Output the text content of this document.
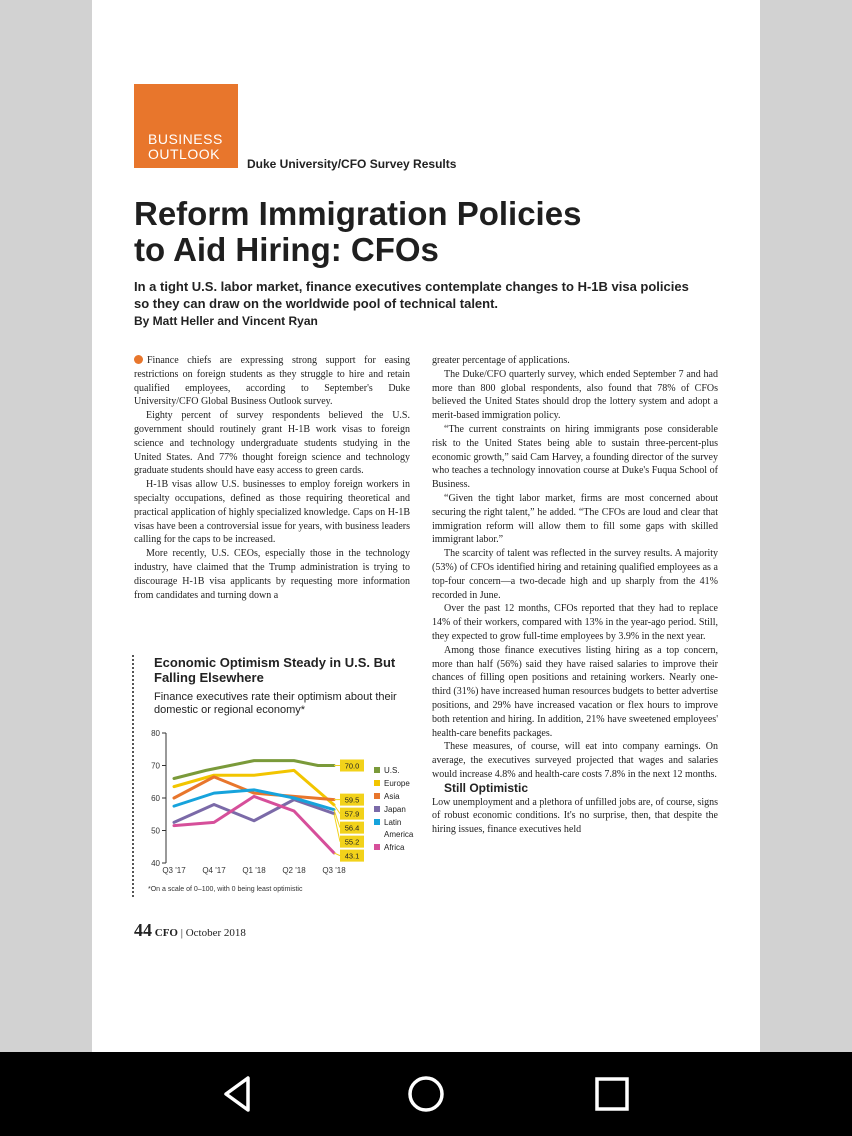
BUSINESS
OUTLOOK
Duke University/CFO Survey Results
Reform Immigration Policies
to Aid Hiring: CFOs

In a tight U.S. labor market, finance executives contemplate changes to H-1B visa policies so they can draw on the worldwide pool of technical talent.

By Matt Heller and Vincent Ryan

Finance chiefs are expressing strong support for easing restrictions on foreign students as they struggle to hire and retain qualified employees, according to September's Duke University/CFO Global Business Outlook survey.

Eighty percent of survey respondents believed the U.S. government should routinely grant H-1B work visas to foreign science and technology undergraduate students studying in the United States. And 77% thought foreign science and technology graduate students should have easy access to green cards.

H-1B visas allow U.S. businesses to employ foreign workers in specialty occupations, defined as those requiring theoretical and practical application of highly specialized knowledge. Caps on H-1B visas have been a controversial issue for years, with business leaders calling for the caps to be increased.

More recently, U.S. CEOs, especially those in the technology industry, have claimed that the Trump administration is trying to discourage H-1B visa applicants by requesting more information from candidates and turning down a

greater percentage of applications.

The Duke/CFO quarterly survey, which ended September 7 and had more than 800 global respondents, also found that 78% of CFOs believed the United States should drop the lottery system and adopt a merit-based immigration policy.

“The current constraints on hiring immigrants pose considerable risk to the United States being able to sustain three-percent-plus economic growth,” said Cam Harvey, a founding director of the survey who teaches a technology innovation course at Duke's Fuqua School of Business.

“Given the tight labor market, firms are most concerned about securing the right talent,” he added. “The CFOs are loud and clear that immigration reform will allow them to fill some gaps with skilled immigrant labor.”

The scarcity of talent was reflected in the survey results. A majority (53%) of CFOs identified hiring and retaining qualified employees as a top-four concern—a two-decade high and up sharply from the 41% recorded in June.

Over the past 12 months, CFOs reported that they had to replace 14% of their workers, compared with 13% in the year-ago period. Still, they expected to grow full-time employees by 3.9% in the next year.

Among those finance executives listing hiring as a top concern, more than half (56%) said they have raised salaries to improve their chances of filling open positions and retaining workers. Nearly one-third (31%) have increased human resources budgets to better advertise positions, and 29% have increased vacation or flex hours to improve both retention and hiring. In addition, 21% have sweetened employees' health-care benefits packages.

These measures, of course, will eat into company earnings. On average, the executives surveyed projected that wages and salaries would increase 4.8% and health-care costs 7.8% in the next 12 months.

Still Optimistic

Low unemployment and a plethora of unfilled jobs are, of course, signs of robust economic conditions. It's no surprise, then, that despite the hiring issues, finance executives held

Economic Optimism Steady in U.S. But Falling Elsewhere

Finance executives rate their optimism about their domestic or regional economy*

40
50
60
70
80
Q3 '17 Q4 '17 Q1 '18 Q2 '18 Q3 '18
70.0
59.5
57.9
56.4
55.2
43.1
U.S.
Europe
Asia
Japan
Latin
America
Africa
*On a scale of 0–100, with 0 being least optimistic
44 CFO | October 2018
